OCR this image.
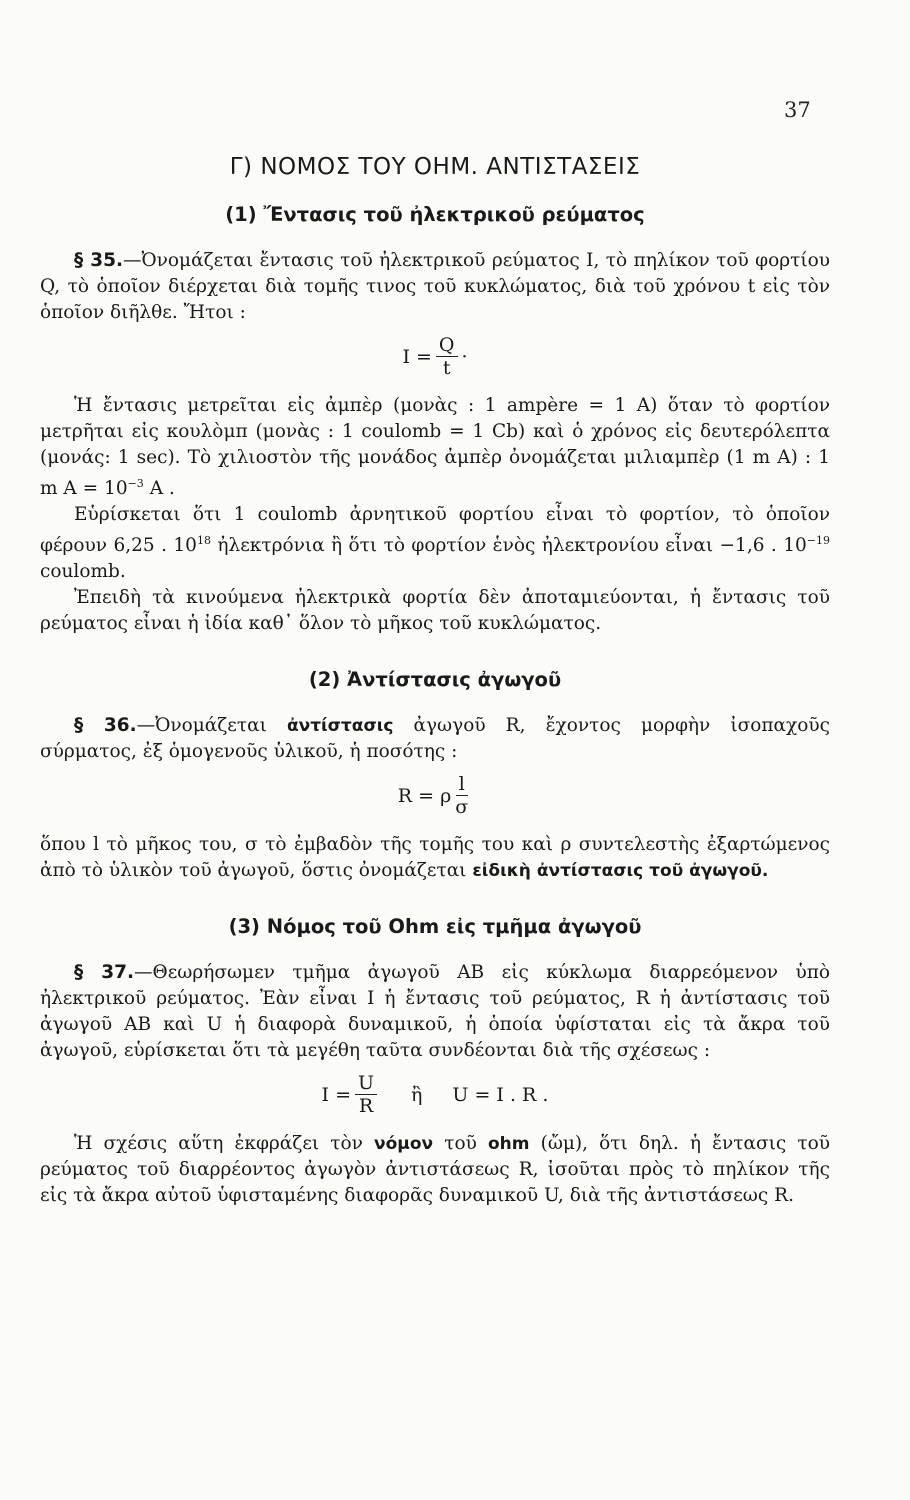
37
Γ) ΝΟΜΟΣ ΤΟΥ ΟΗΜ. ΑΝΤΙΣΤΑΣΕΙΣ
(1) Ἔντασις τοῦ ἠλεκτρικοῦ ρεύματος

§ 35.—Ὀνομάζεται ἔντασις τοῦ ἠλεκτρικοῦ ρεύματος I, τὸ πηλίκον τοῦ φορτίου Q, τὸ ὁποῖον διέρχεται διὰ τομῆς τινος τοῦ κυκλώματος, διὰ τοῦ χρόνου t εἰς τὸν ὁποῖον διῆλθε. Ἤτοι :

$I = \frac{Q}{t}$ ·

Ἡ ἔντασις μετρεῖται εἰς ἀμπὲρ (μονὰς : 1 ampère = 1 A) ὅταν τὸ φορτίον μετρῆται εἰς κουλὸμπ (μονὰς : 1 coulomb = 1 Cb) καὶ ὁ χρόνος εἰς δευτερόλεπτα (μονάς: 1 sec). Τὸ χιλιοστὸν τῆς μονάδος ἀμπὲρ ὀνομάζεται μιλιαμπὲρ (1 m A) : 1 m $A = 10^{-3}$ A .

Εὑρίσκεται ὅτι 1 coulomb ἀρνητικοῦ φορτίου εἶναι τὸ φορτίον, τὸ ὁποῖον φέρουν 6,25 . $10^{18}$ ἠλεκτρόνια ἢ ὅτι τὸ φορτίον ἑνὸς ἠλεκτρονίου εἶναι −1,6 . $10^{-19}$ coulomb.

Ἐπειδὴ τὰ κινούμενα ἠλεκτρικὰ φορτία δὲν ἀποταμιεύονται, ἡ ἔντασις τοῦ ρεύματος εἶναι ἡ ἰδία καθ᾽ ὅλον τὸ μῆκος τοῦ κυκλώματος.

(2) Ἀντίστασις ἀγωγοῦ

§ 36.—Ὀνομάζεται ἀντίστασις ἀγωγοῦ R, ἔχοντος μορφὴν ἰσοπαχοῦς σύρματος, ἐξ ὁμογενοῦς ὑλικοῦ, ἡ ποσότης :

R = ρ $\frac{l}{\sigma}$

ὅπου l τὸ μῆκος του, σ τὸ ἐμβαδὸν τῆς τομῆς του καὶ ρ συντελεστὴς ἐξαρτώμενος ἀπὸ τὸ ὑλικὸν τοῦ ἀγωγοῦ, ὅστις ὀνομάζεται εἰδικὴ ἀντίστασις τοῦ ἀγωγοῦ.

(3) Νόμος τοῦ Ohm εἰς τμῆμα ἀγωγοῦ

§ 37.—Θεωρήσωμεν τμῆμα ἀγωγοῦ AB εἰς κύκλωμα διαρρεόμενον ὑπὸ ἠλεκτρικοῦ ρεύματος. Ἐὰν εἶναι I ἡ ἔντασις τοῦ ρεύματος, R ἡ ἀντίστασις τοῦ ἀγωγοῦ AB καὶ U ἡ διαφορὰ δυναμικοῦ, ἡ ὁποία ὑφίσταται εἰς τὰ ἄκρα τοῦ ἀγωγοῦ, εὑρίσκεται ὅτι τὰ μεγέθη ταῦτα συνδέονται διὰ τῆς σχέσεως :

$I = \frac{U}{R}$ ἢ U = I . R .

Ἡ σχέσις αὕτη ἐκφράζει τὸν νόμον τοῦ ohm (ὤμ), ὅτι δηλ. ἡ ἔντασις τοῦ ρεύματος τοῦ διαρρέοντος ἀγωγὸν ἀντιστάσεως R, ἰσοῦται πρὸς τὸ πηλίκον τῆς εἰς τὰ ἄκρα αὐτοῦ ὑφισταμένης διαφορᾶς δυναμικοῦ U, διὰ τῆς ἀντιστάσεως R.
